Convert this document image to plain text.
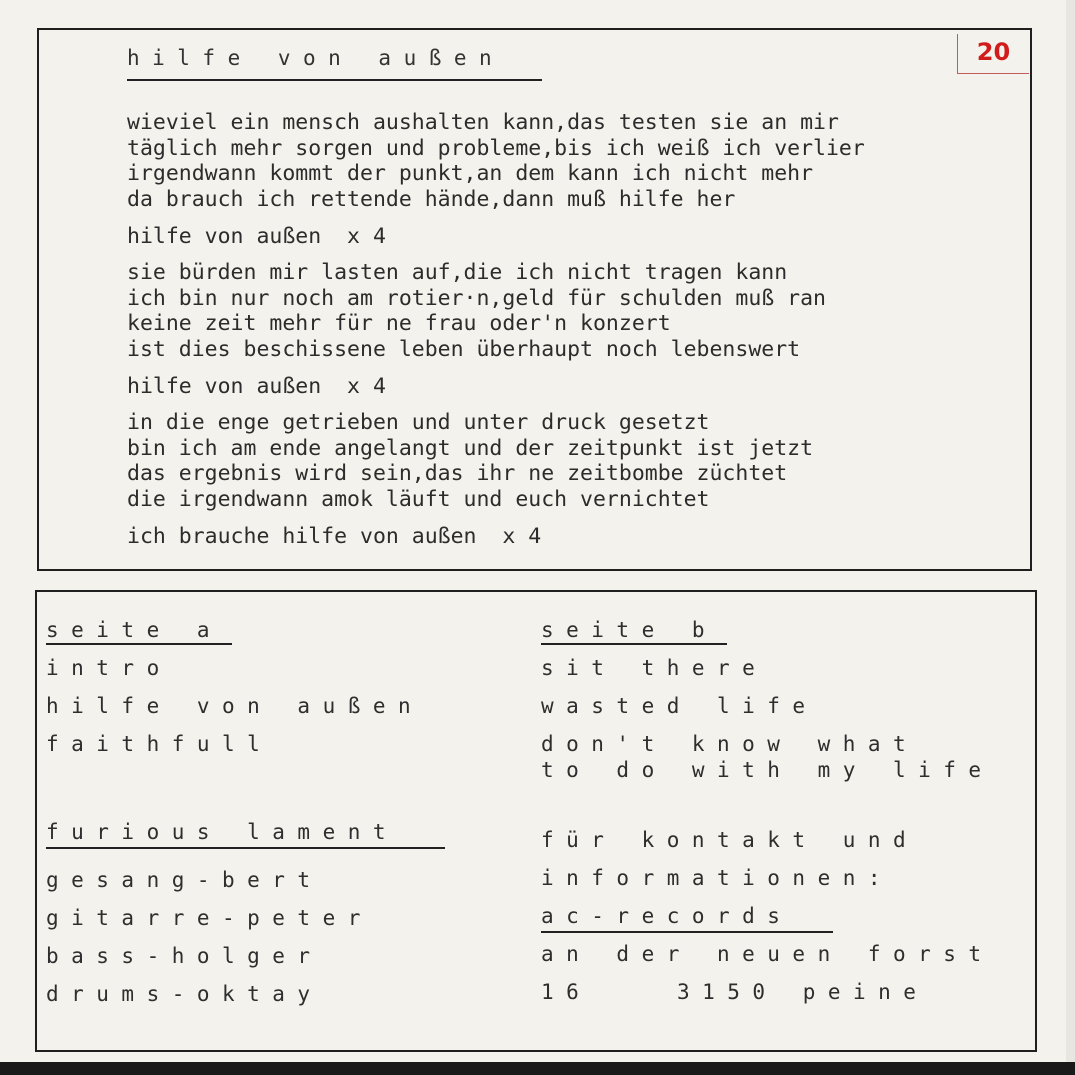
20
hilfe von außen
wieviel ein mensch aushalten kann,das testen sie an mir
täglich mehr sorgen und probleme,bis ich weiß ich verlier
irgendwann kommt der punkt,an dem kann ich nicht mehr
da brauch ich rettende hände,dann muß hilfe her
hilfe von außen  x 4
sie bürden mir lasten auf,die ich nicht tragen kann
ich bin nur noch am rotier·n,geld für schulden muß ran
keine zeit mehr für ne frau oder'n konzert
ist dies beschissene leben überhaupt noch lebenswert
hilfe von außen  x 4
in die enge getrieben und unter druck gesetzt
bin ich am ende angelangt und der zeitpunkt ist jetzt
das ergebnis wird sein,das ihr ne zeitbombe züchtet
die irgendwann amok läuft und euch vernichtet
ich brauche hilfe von außen  x 4
seite a
intro
hilfe von außen
faithfull
furious lament
gesang-bert
gitarre-peter
bass-holger
drums-oktay
seite b
sit there
wasted life
don't know what
to do with my life
für kontakt und
informationen:
ac-records
an der neuen forst
16	3150 peine
